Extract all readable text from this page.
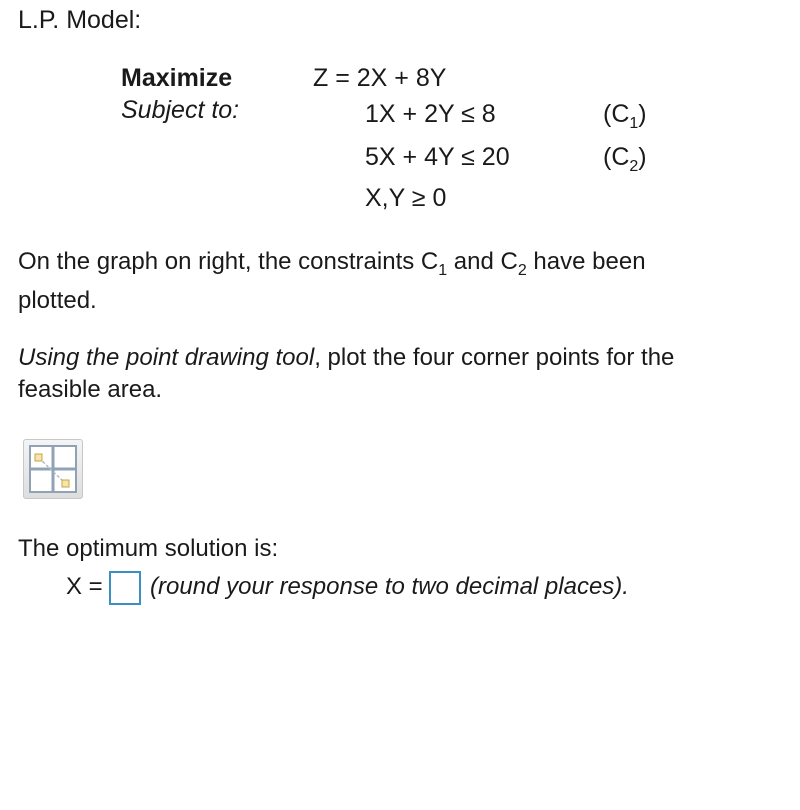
L.P. Model:
Maximize
Subject to:
Z = 2X + 8Y
1X + 2Y ≤ 8	$(C_1)$
5X + 4Y ≤ 20	$(C_2)$
X,Y ≥ 0
On the graph on right, the constraints $C_1$ and $C_2$ have been
plotted.
Using the point drawing tool, plot the four corner points for the
feasible area.
The optimum solution is:
X = (round your response to two decimal places).
